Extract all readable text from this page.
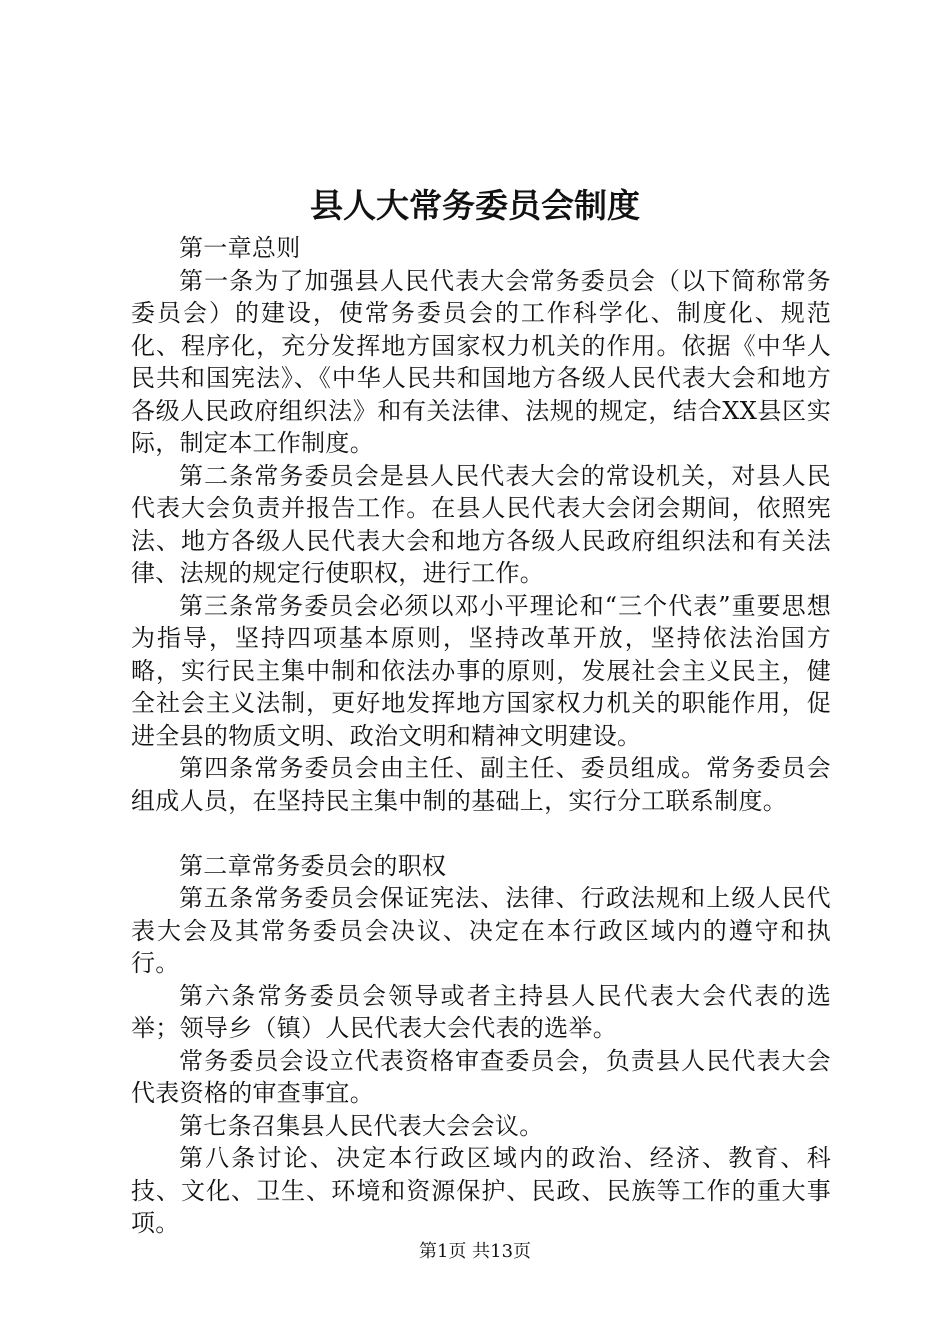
县人大常务委员会制度

第一章总则

第一条为了加强县人民代表大会常务委员会（以下简称常务委员会）的建设，使常务委员会的工作科学化、制度化、规范化、程序化，充分发挥地方国家权力机关的作用。依据《中华人民共和国宪法》、《中华人民共和国地方各级人民代表大会和地方各级人民政府组织法》和有关法律、法规的规定，结合XX县区实际，制定本工作制度。

第二条常务委员会是县人民代表大会的常设机关，对县人民代表大会负责并报告工作。在县人民代表大会闭会期间，依照宪法、地方各级人民代表大会和地方各级人民政府组织法和有关法律、法规的规定行使职权，进行工作。

第三条常务委员会必须以邓小平理论和“三个代表”重要思想为指导，坚持四项基本原则，坚持改革开放，坚持依法治国方略，实行民主集中制和依法办事的原则，发展社会主义民主，健全社会主义法制，更好地发挥地方国家权力机关的职能作用，促进全县的物质文明、政治文明和精神文明建设。

第四条常务委员会由主任、副主任、委员组成。常务委员会组成人员，在坚持民主集中制的基础上，实行分工联系制度。

第二章常务委员会的职权

第五条常务委员会保证宪法、法律、行政法规和上级人民代表大会及其常务委员会决议、决定在本行政区域内的遵守和执行。

第六条常务委员会领导或者主持县人民代表大会代表的选举；领导乡（镇）人民代表大会代表的选举。

常务委员会设立代表资格审查委员会，负责县人民代表大会代表资格的审查事宜。

第七条召集县人民代表大会会议。

第八条讨论、决定本行政区域内的政治、经济、教育、科技、文化、卫生、环境和资源保护、民政、民族等工作的重大事项。

第1页 共13页
